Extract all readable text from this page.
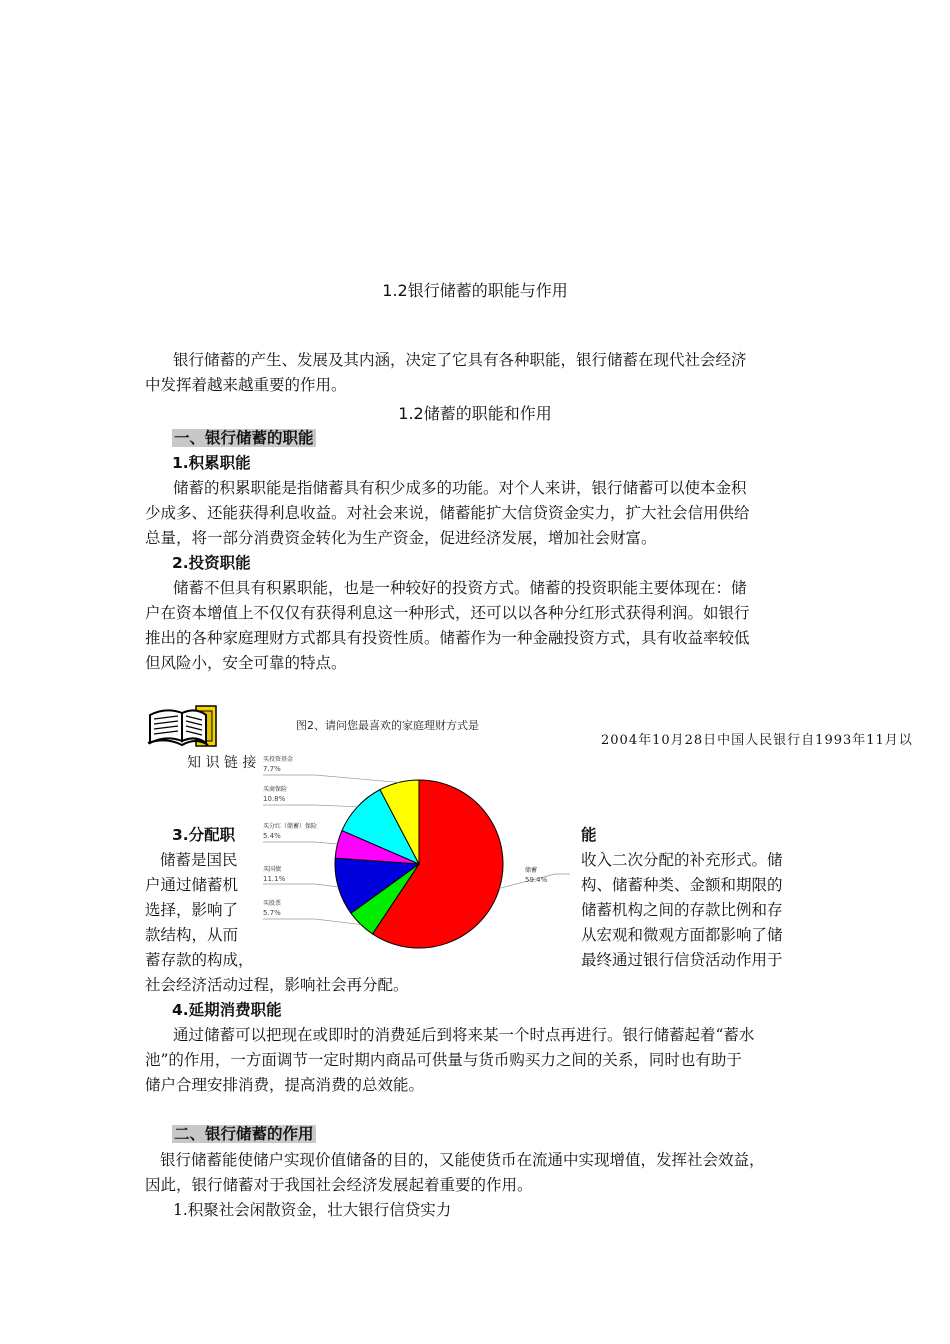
1.2银行储蓄的职能与作用
银行储蓄的产生、发展及其内涵，决定了它具有各种职能，银行储蓄在现代社会经济
中发挥着越来越重要的作用。
1.2储蓄的职能和作用
一、银行储蓄的职能
1.积累职能
储蓄的积累职能是指储蓄具有积少成多的功能。对个人来讲，银行储蓄可以使本金积
少成多、还能获得利息收益。对社会来说，储蓄能扩大信贷资金实力，扩大社会信用供给
总量，将一部分消费资金转化为生产资金，促进经济发展，增加社会财富。
2.投资职能
储蓄不但具有积累职能，也是一种较好的投资方式。储蓄的投资职能主要体现在：储
户在资本增值上不仅仅有获得利息这一种形式，还可以以各种分红形式获得利润。如银行
推出的各种家庭理财方式都具有投资性质。储蓄作为一种金融投资方式，具有收益率较低
但风险小，安全可靠的特点。
知 识 链 接
2004年10月28日中国人民银行自1993年11月以
图2、请问您最喜欢的家庭理财方式是
储蓄
59.4%
买股票
5.7%
买国债
11.1%
买分红（储蓄）保险
5.4%
买商保险
10.8%
买投资基金
7.7%
3.分配职	能
储蓄是国民
户通过储蓄机
选择，影响了
款结构，从而
蓄存款的构成，
收入二次分配的补充形式。储
构、储蓄种类、金额和期限的
储蓄机构之间的存款比例和存
从宏观和微观方面都影响了储
最终通过银行信贷活动作用于
社会经济活动过程，影响社会再分配。
4.延期消费职能
通过储蓄可以把现在或即时的消费延后到将来某一个时点再进行。银行储蓄起着“蓄水
池”的作用，一方面调节一定时期内商品可供量与货币购买力之间的关系，同时也有助于
储户合理安排消费，提高消费的总效能。
二、银行储蓄的作用
银行储蓄能使储户实现价值储备的目的，又能使货币在流通中实现增值，发挥社会效益，
因此，银行储蓄对于我国社会经济发展起着重要的作用。
1.积聚社会闲散资金，壮大银行信贷实力
